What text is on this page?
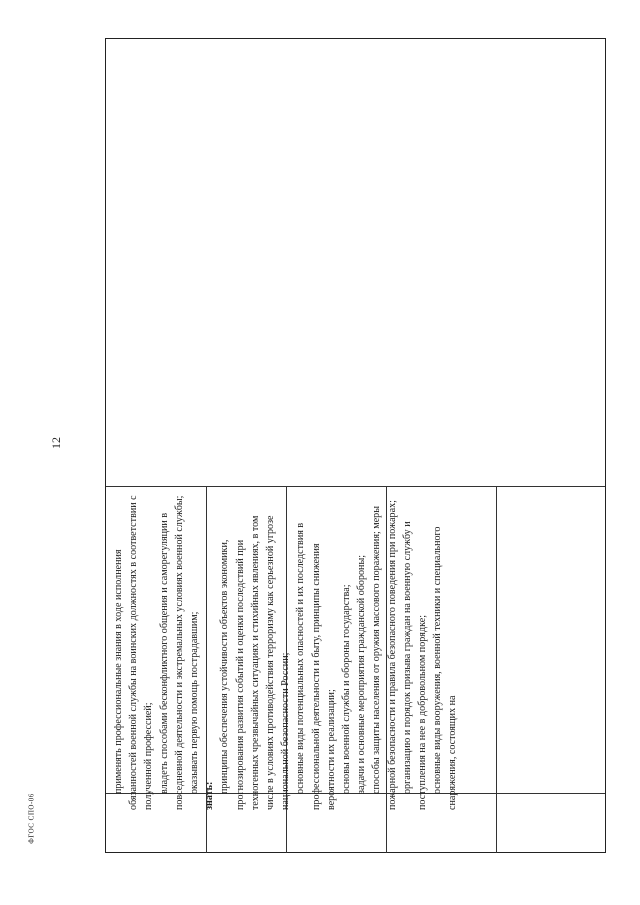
12
ФГОС СПО-06

применять профессиональные знания в ходе исполнения обязанностей военной службы на воинских должностях в соответствии с полученной профессией; владеть способами бесконфликтного общения и саморегуляции в повседневной деятельности и экстремальных условиях военной службы; оказывать первую помощь пострадавшим;

знать:

принципы обеспечения устойчивости объектов экономики, прогнозирования развития событий и оценки последствий при техногенных чрезвычайных ситуациях и стихийных явлениях, в том числе в условиях противодействия терроризму как серьезной угрозе национальной безопасности России; основные виды потенциальных опасностей и их последствия в профессиональной деятельности и быту, принципы снижения вероятности их реализации; основы военной службы и обороны государства; задачи и основные мероприятия гражданской обороны; способы защиты населения от оружия массового поражения; меры пожарной безопасности и правила безопасного поведения при пожарах; организацию и порядок призыва граждан на военную службу и поступления на нее в добровольном порядке; основные виды вооружения, военной техники и специального снаряжения, состоящих на
